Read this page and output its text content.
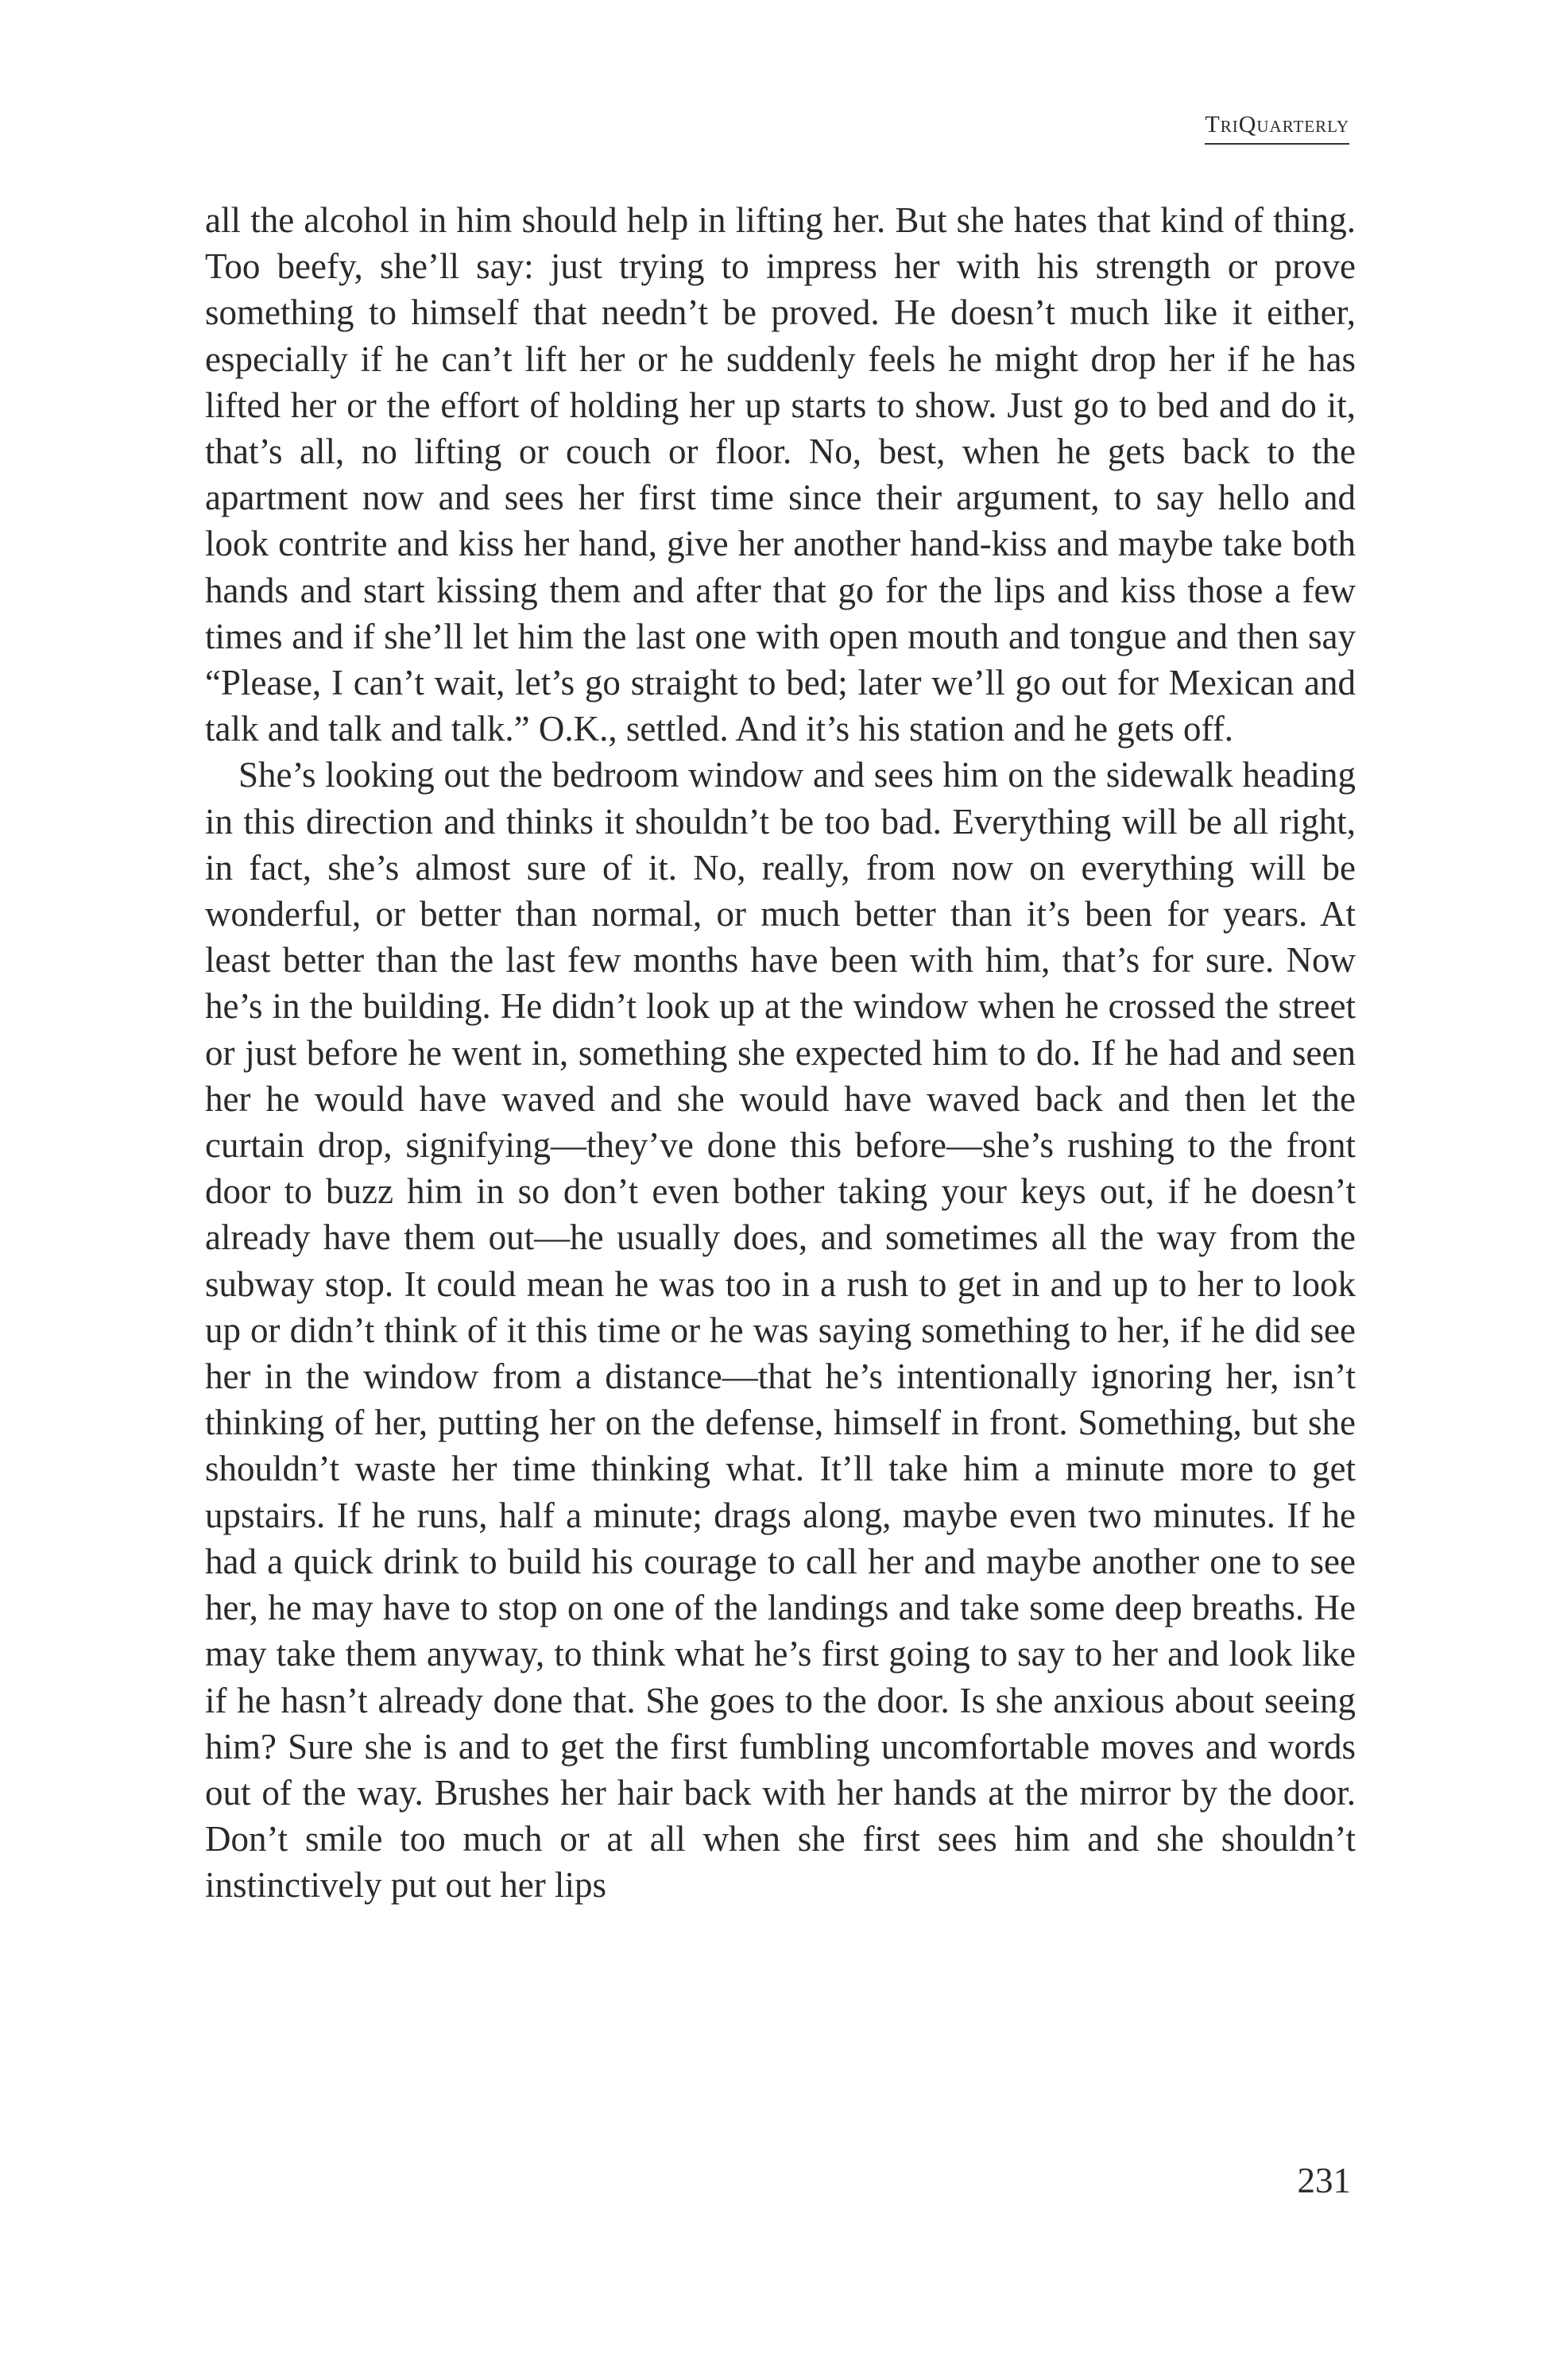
TriQuarterly

all the alcohol in him should help in lifting her. But she hates that kind of thing. Too beefy, she’ll say: just trying to impress her with his strength or prove something to himself that needn’t be proved. He doesn’t much like it either, especially if he can’t lift her or he suddenly feels he might drop her if he has lifted her or the effort of holding her up starts to show. Just go to bed and do it, that’s all, no lifting or couch or floor. No, best, when he gets back to the apartment now and sees her first time since their argument, to say hello and look contrite and kiss her hand, give her another hand-kiss and maybe take both hands and start kissing them and after that go for the lips and kiss those a few times and if she’ll let him the last one with open mouth and tongue and then say “Please, I can’t wait, let’s go straight to bed; later we’ll go out for Mexican and talk and talk and talk.” O.K., settled. And it’s his station and he gets off.

She’s looking out the bedroom window and sees him on the sidewalk heading in this direction and thinks it shouldn’t be too bad. Everything will be all right, in fact, she’s almost sure of it. No, really, from now on everything will be wonderful, or better than normal, or much better than it’s been for years. At least better than the last few months have been with him, that’s for sure. Now he’s in the building. He didn’t look up at the window when he crossed the street or just before he went in, something she expected him to do. If he had and seen her he would have waved and she would have waved back and then let the curtain drop, signifying—they’ve done this before—she’s rushing to the front door to buzz him in so don’t even bother taking your keys out, if he doesn’t already have them out—he usually does, and sometimes all the way from the subway stop. It could mean he was too in a rush to get in and up to her to look up or didn’t think of it this time or he was saying something to her, if he did see her in the window from a distance—that he’s intentionally ignoring her, isn’t thinking of her, putting her on the defense, himself in front. Something, but she shouldn’t waste her time thinking what. It’ll take him a minute more to get upstairs. If he runs, half a minute; drags along, maybe even two minutes. If he had a quick drink to build his courage to call her and maybe another one to see her, he may have to stop on one of the landings and take some deep breaths. He may take them anyway, to think what he’s first going to say to her and look like if he hasn’t already done that. She goes to the door. Is she anxious about seeing him? Sure she is and to get the first fumbling uncomfortable moves and words out of the way. Brushes her hair back with her hands at the mirror by the door. Don’t smile too much or at all when she first sees him and she shouldn’t instinctively put out her lips

231
